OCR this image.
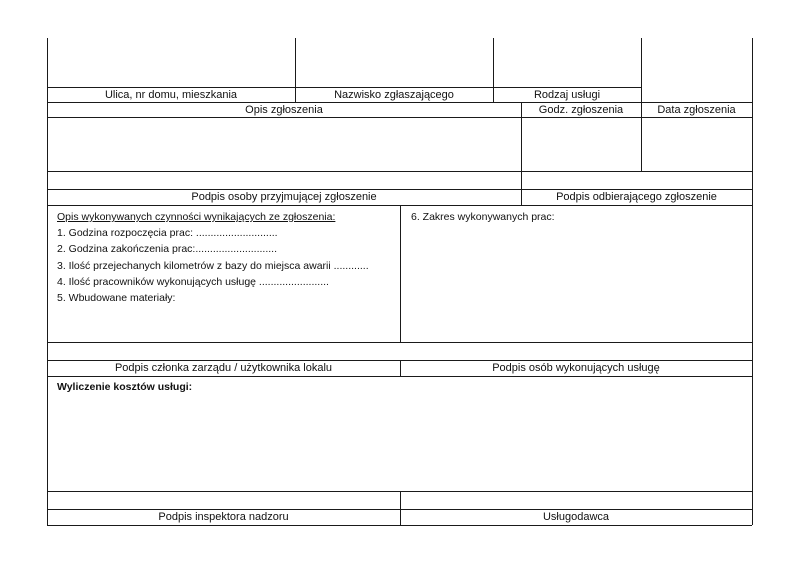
Ulica, nr domu, mieszkania	Nazwisko zgłaszającego	Rodzaj usługi
Opis zgłoszenia	Godz. zgłoszenia	Data zgłoszenia
Podpis osoby przyjmującej zgłoszenie	Podpis odbierającego zgłoszenie
Opis wykonywanych czynności wynikających ze zgłoszenia:
1. Godzina rozpoczęcia prac: ............................
2. Godzina zakończenia prac:............................
3. Ilość przejechanych kilometrów z bazy do miejsca awarii ............
4. Ilość pracowników wykonujących usługę ........................
5. Wbudowane materiały:
6. Zakres wykonywanych prac:
Podpis członka zarządu / użytkownika lokalu	Podpis osób wykonujących usługę
Wyliczenie kosztów usługi:
Podpis inspektora nadzoru	Usługodawca
